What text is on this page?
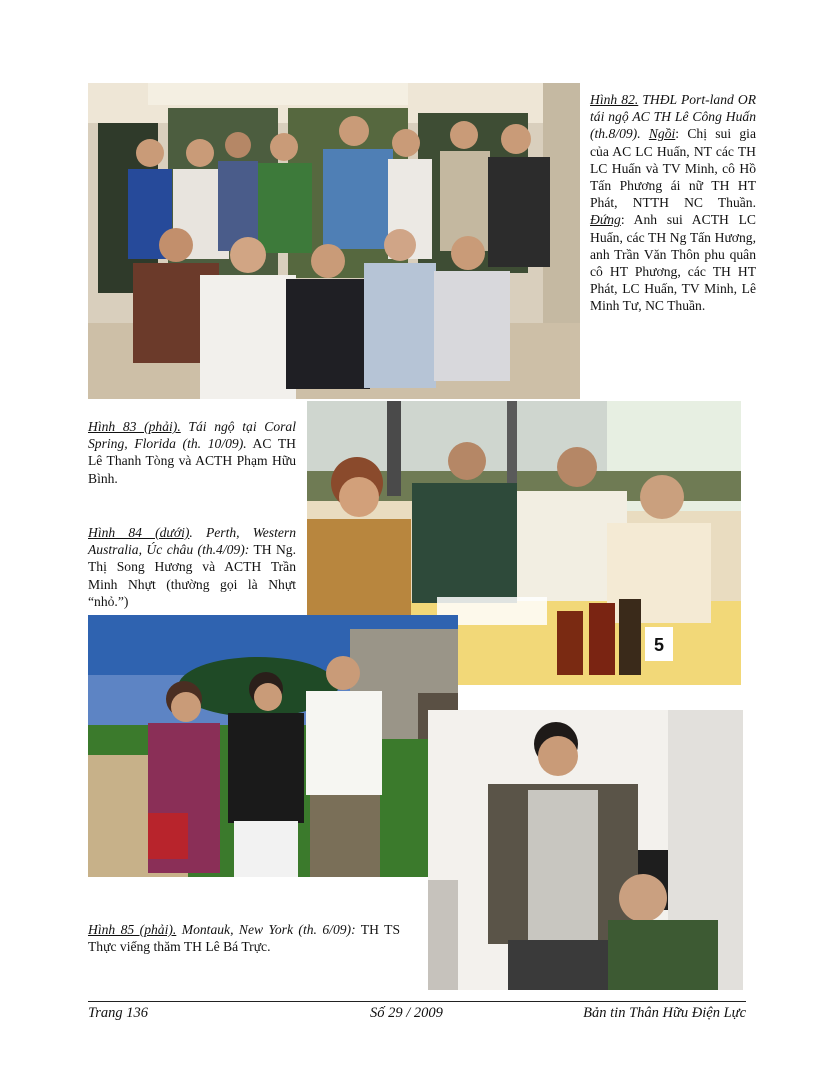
Hình 82. THĐL Port-land OR tái ngộ AC TH Lê Công Huấn (th.8/09). Ngồi: Chị sui gia của AC LC Huấn, NT các TH LC Huấn và TV Minh, cô Hồ Tấn Phương ái nữ TH HT Phát, NTTH NC Thuần. Đứng: Anh sui ACTH LC Huấn, các TH Ng Tấn Hương, anh Trần Văn Thôn phu quân cô HT Phương, các TH HT Phát, LC Huấn, TV Minh, Lê Minh Tư, NC Thuần.
Hình 83 (phải). Tái ngộ tại Coral Spring, Florida (th. 10/09). AC TH Lê Thanh Tòng và ACTH Phạm Hữu Bình.
5
Hình 84 (dưới). Perth, Western Australia, Úc châu (th.4/09): TH Ng. Thị Song Hương và ACTH Trần Minh Nhựt (thường gọi là Nhựt “nhỏ.”)
Hình 85 (phải). Montauk, New York (th. 6/09): TH TS Thực viếng thăm TH Lê Bá Trực.
Trang 136	Số 29 / 2009	Bản tin Thân Hữu Điện Lực
